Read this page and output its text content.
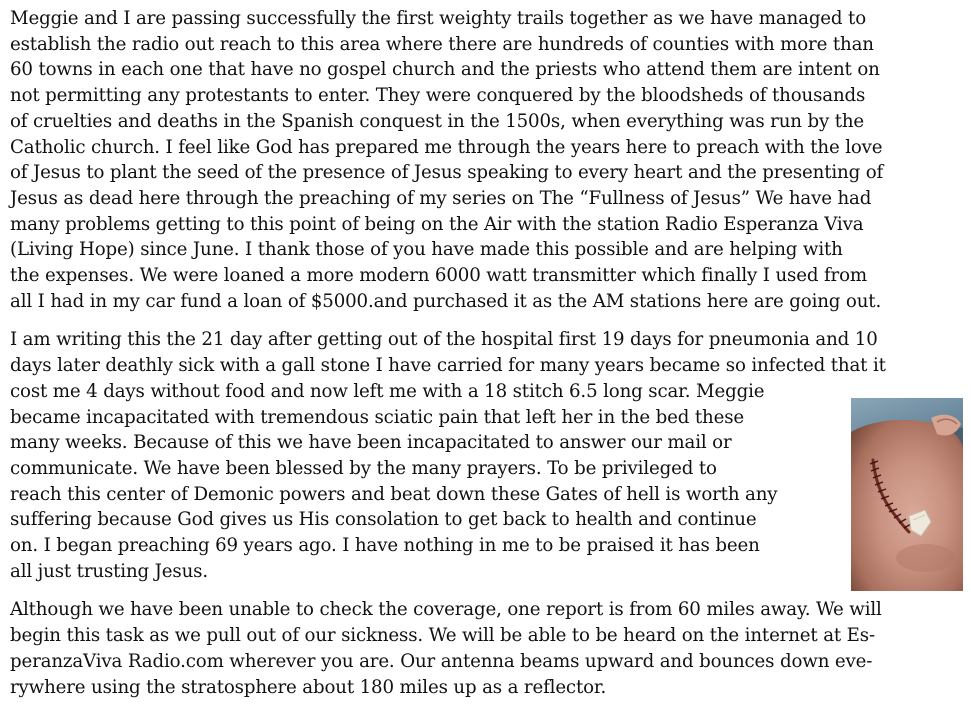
Meggie and I are passing successfully the first weighty trails together as we have managed to
establish the radio out reach to this area where there are hundreds of counties with more than
60 towns in each one that have no gospel church and the priests who attend them are intent on
not permitting any protestants to enter. They were conquered by the bloodsheds of thousands
of cruelties and deaths in the Spanish conquest in the 1500s, when everything was run by the
Catholic church. I feel like God has prepared me through the years here to preach with the love
of Jesus to plant the seed of the presence of Jesus speaking to every heart and the presenting of
Jesus as dead here through the preaching of my series on The “Fullness of Jesus” We have had
many problems getting to this point of being on the Air with the station Radio Esperanza Viva
(Living Hope) since June. I thank those of you have made this possible and are helping with
the expenses. We were loaned a more modern 6000 watt transmitter which finally I used from
all I had in my car fund a loan of $5000.and purchased it as the AM stations here are going out.

I am writing this the 21 day after getting out of the hospital first 19 days for pneumonia and 10
days later deathly sick with a gall stone I have carried for many years became so infected that it
cost me 4 days without food and now left me with a 18 stitch 6.5 long scar. Meggie
became incapacitated with tremendous sciatic pain that left her in the bed these
many weeks. Because of this we have been incapacitated to answer our mail or
communicate. We have been blessed by the many prayers. To be privileged to
reach this center of Demonic powers and beat down these Gates of hell is worth any
suffering because God gives us His consolation to get back to health and continue
on. I began preaching 69 years ago. I have nothing in me to be praised it has been
all just trusting Jesus.

Although we have been unable to check the coverage, one report is from 60 miles away. We will
begin this task as we pull out of our sickness. We will be able to be heard on the internet at Es-
peranzaViva Radio.com wherever you are. Our antenna beams upward and bounces down eve-
rywhere using the stratosphere about 180 miles up as a reflector.
